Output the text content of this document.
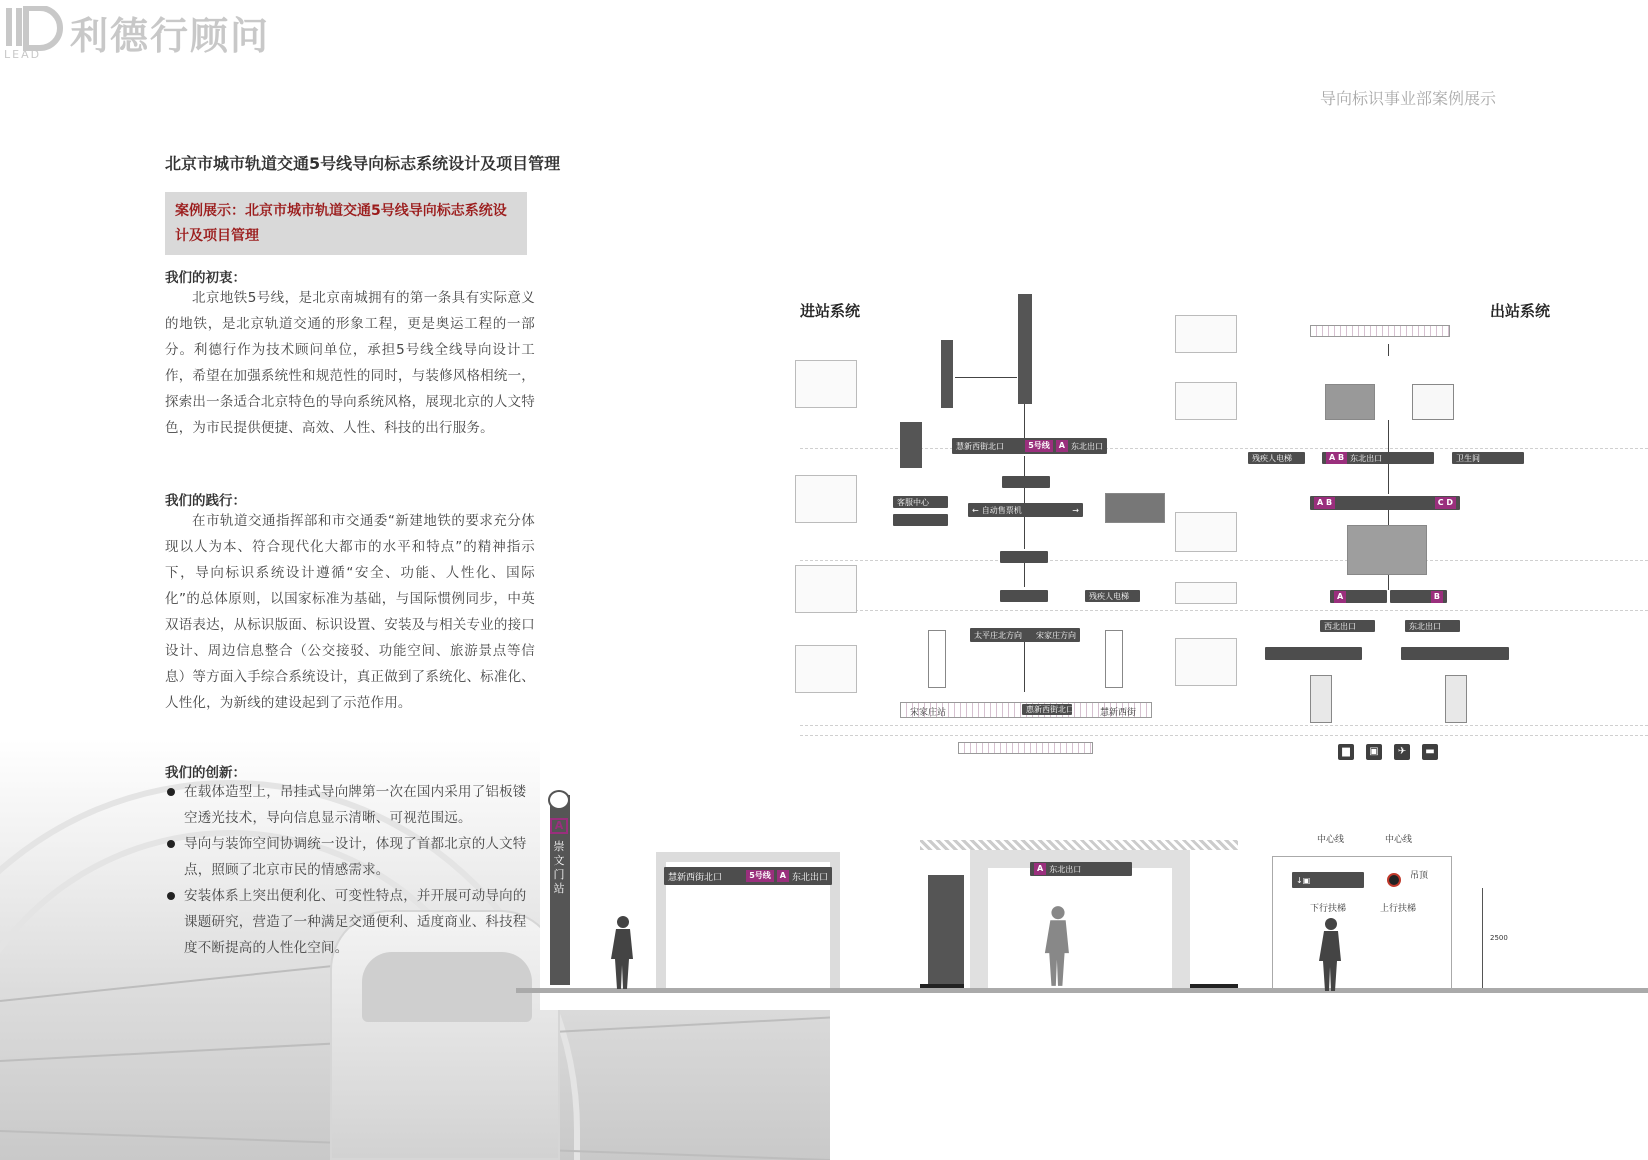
LEAD 利德行顾问
导向标识事业部案例展示
北京市城市轨道交通5号线导向标志系统设计及项目管理
案例展示：北京市城市轨道交通5号线导向标志系统设
计及项目管理
我们的初衷：
北京地铁5号线，是北京南城拥有的第一条具有实际意义的地铁，是北京轨道交通的形象工程，更是奥运工程的一部分。利德行作为技术顾问单位，承担5号线全线导向设计工作，希望在加强系统性和规范性的同时，与装修风格相统一，探索出一条适合北京特色的导向系统风格，展现北京的人文特色，为市民提供便捷、高效、人性、科技的出行服务。
我们的践行：
在市轨道交通指挥部和市交通委“新建地铁的要求充分体现以人为本、符合现代化大都市的水平和特点”的精神指示下，导向标识系统设计遵循“安全、功能、人性化、国际化”的总体原则，以国家标准为基础，与国际惯例同步，中英双语表达，从标识版面、标识设置、安装及与相关专业的接口设计、周边信息整合（公交接驳、功能空间、旅游景点等信息）等方面入手综合系统设计，真正做到了系统化、标准化、人性化，为新线的建设起到了示范作用。
我们的创新：
在载体造型上，吊挂式导向牌第一次在国内采用了铝板镂空透光技术，导向信息显示清晰、可视范围远。
导向与装饰空间协调统一设计，体现了首都北京的人文特点，照顾了北京市民的情感需求。
安装体系上突出便利化、可变性特点，并开展可动导向的课题研究，营造了一种满足交通便利、适度商业、科技程度不断提高的人性化空间。
进站系统	出站系统
慧新西街北口	5号线	A 东北出口
← 自动售票机	→
客服中心
残疾人电梯
太平庄北方向 宋家庄方向
宋家庄站	惠新西街北口	慧新西街
残疾人电梯	A B 东北出口	卫生间
A B	C D
A	B
西北出口	东北出口
▆	▣	✈	▬
A
崇文门站
慧新西街北口	5号线	A 东北出口
A 东北出口
中心线	中心线
↓▣	吊顶
下行扶梯	上行扶梯
2500
